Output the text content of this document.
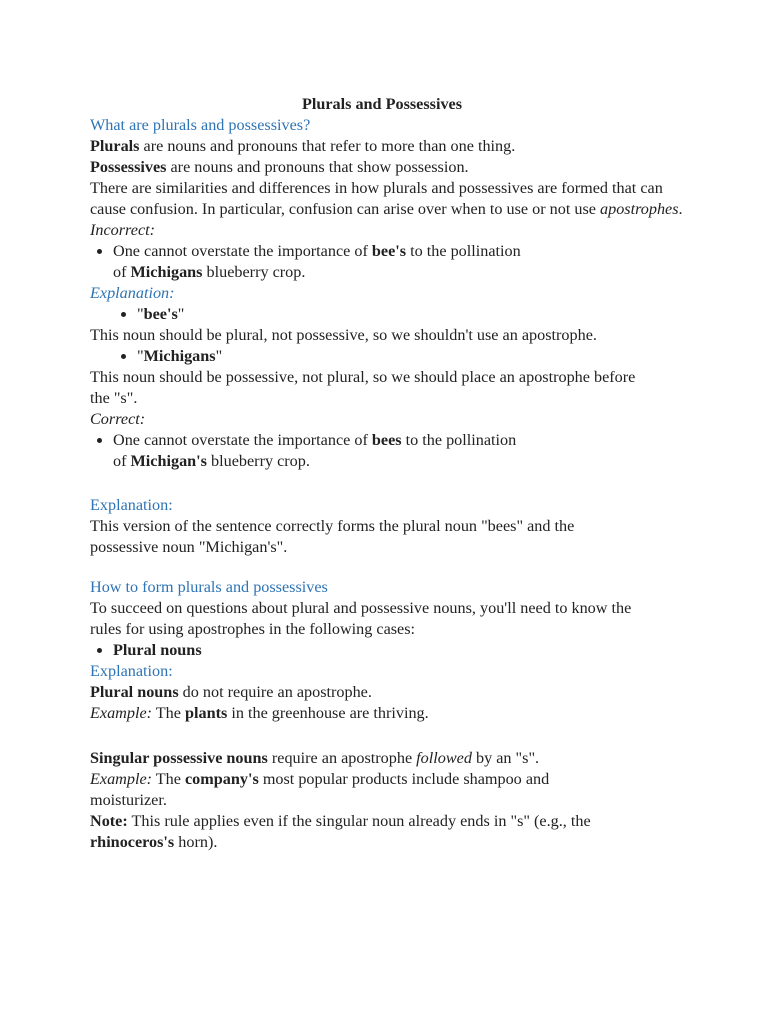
Plurals and Possessives

What are plurals and possessives?

Plurals are nouns and pronouns that refer to more than one thing.

Possessives are nouns and pronouns that show possession.

There are similarities and differences in how plurals and possessives are formed that can cause confusion. In particular, confusion can arise over when to use or not use apostrophes.

Incorrect:

• One cannot overstate the importance of bee's to the pollination
of Michigans blueberry crop.

Explanation:

• "bee's"

This noun should be plural, not possessive, so we shouldn't use an apostrophe.

• "Michigans"

This noun should be possessive, not plural, so we should place an apostrophe before the "s".

Correct:

• One cannot overstate the importance of bees to the pollination
of Michigan's blueberry crop.

Explanation:

This version of the sentence correctly forms the plural noun "bees" and the possessive noun "Michigan's".

How to form plurals and possessives

To succeed on questions about plural and possessive nouns, you'll need to know the rules for using apostrophes in the following cases:

• Plural nouns

Explanation:

Plural nouns do not require an apostrophe.

Example: The plants in the greenhouse are thriving.

Singular possessive nouns require an apostrophe followed by an "s".

Example: The company's most popular products include shampoo and moisturizer.

Note: This rule applies even if the singular noun already ends in "s" (e.g., the rhinoceros's horn).
